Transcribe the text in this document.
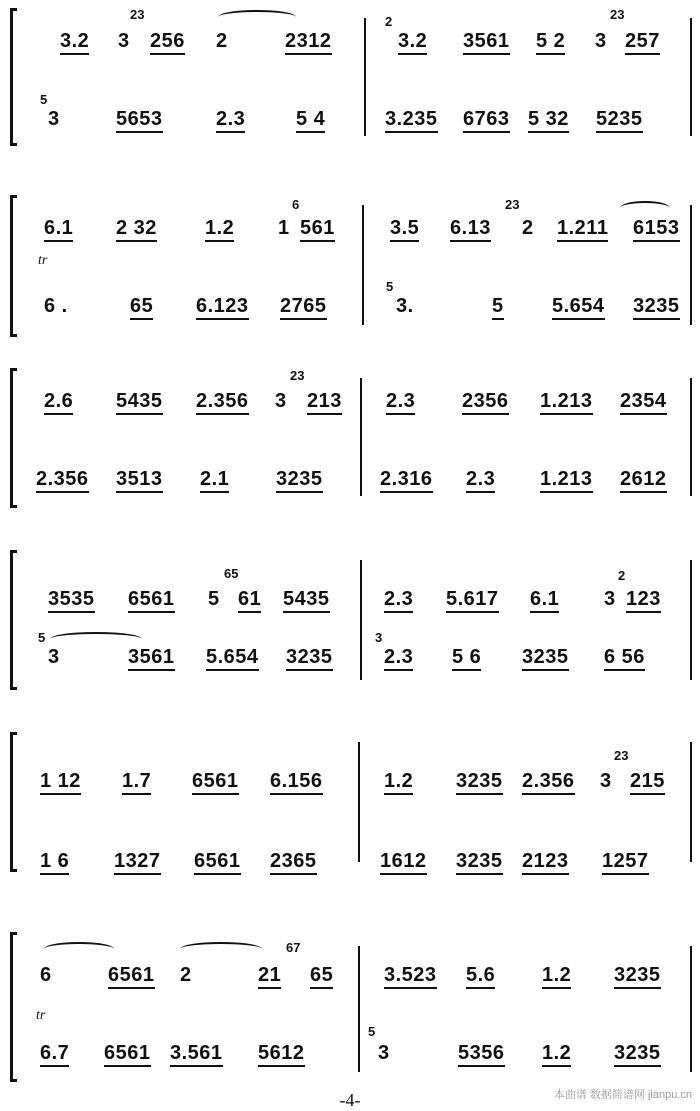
3.2
23
3 256 2	2312
2
3.2 3561 5 2
23
3 257
5
3	5653	2.3	5 4	3.235 6763 5 32 5235
6.1 2 32 1.2
6
1 561	3.5 6.13
23
2 1.211 6153
tr
6 .	65 6.123 2765
5
3.	5 5.654 3235
2.6 5435 2.356
23
3 213 2.3 2356 1.213 2354
2.356 3513 2.1 3235	2.316 2.3 1.213 2612
3535 6561
65
5 61 5435	2.3 5.617 6.1
2
3 123
5
3	3561 5.654 3235
3
2.3 5 6 3235 6 56
1 12 1.7 6561 6.156	1.2 3235 2.356
23
3 215
1 6 1327 6561 2365	1612 3235 2123 1257
6	6561 2
67
21 65	3.523 5.6 1.2 3235
tr
6.7 6561 3.561 5612
5
3	5356 1.2 3235
-4-	本曲谱 数据简谱网 jianpu.cn
